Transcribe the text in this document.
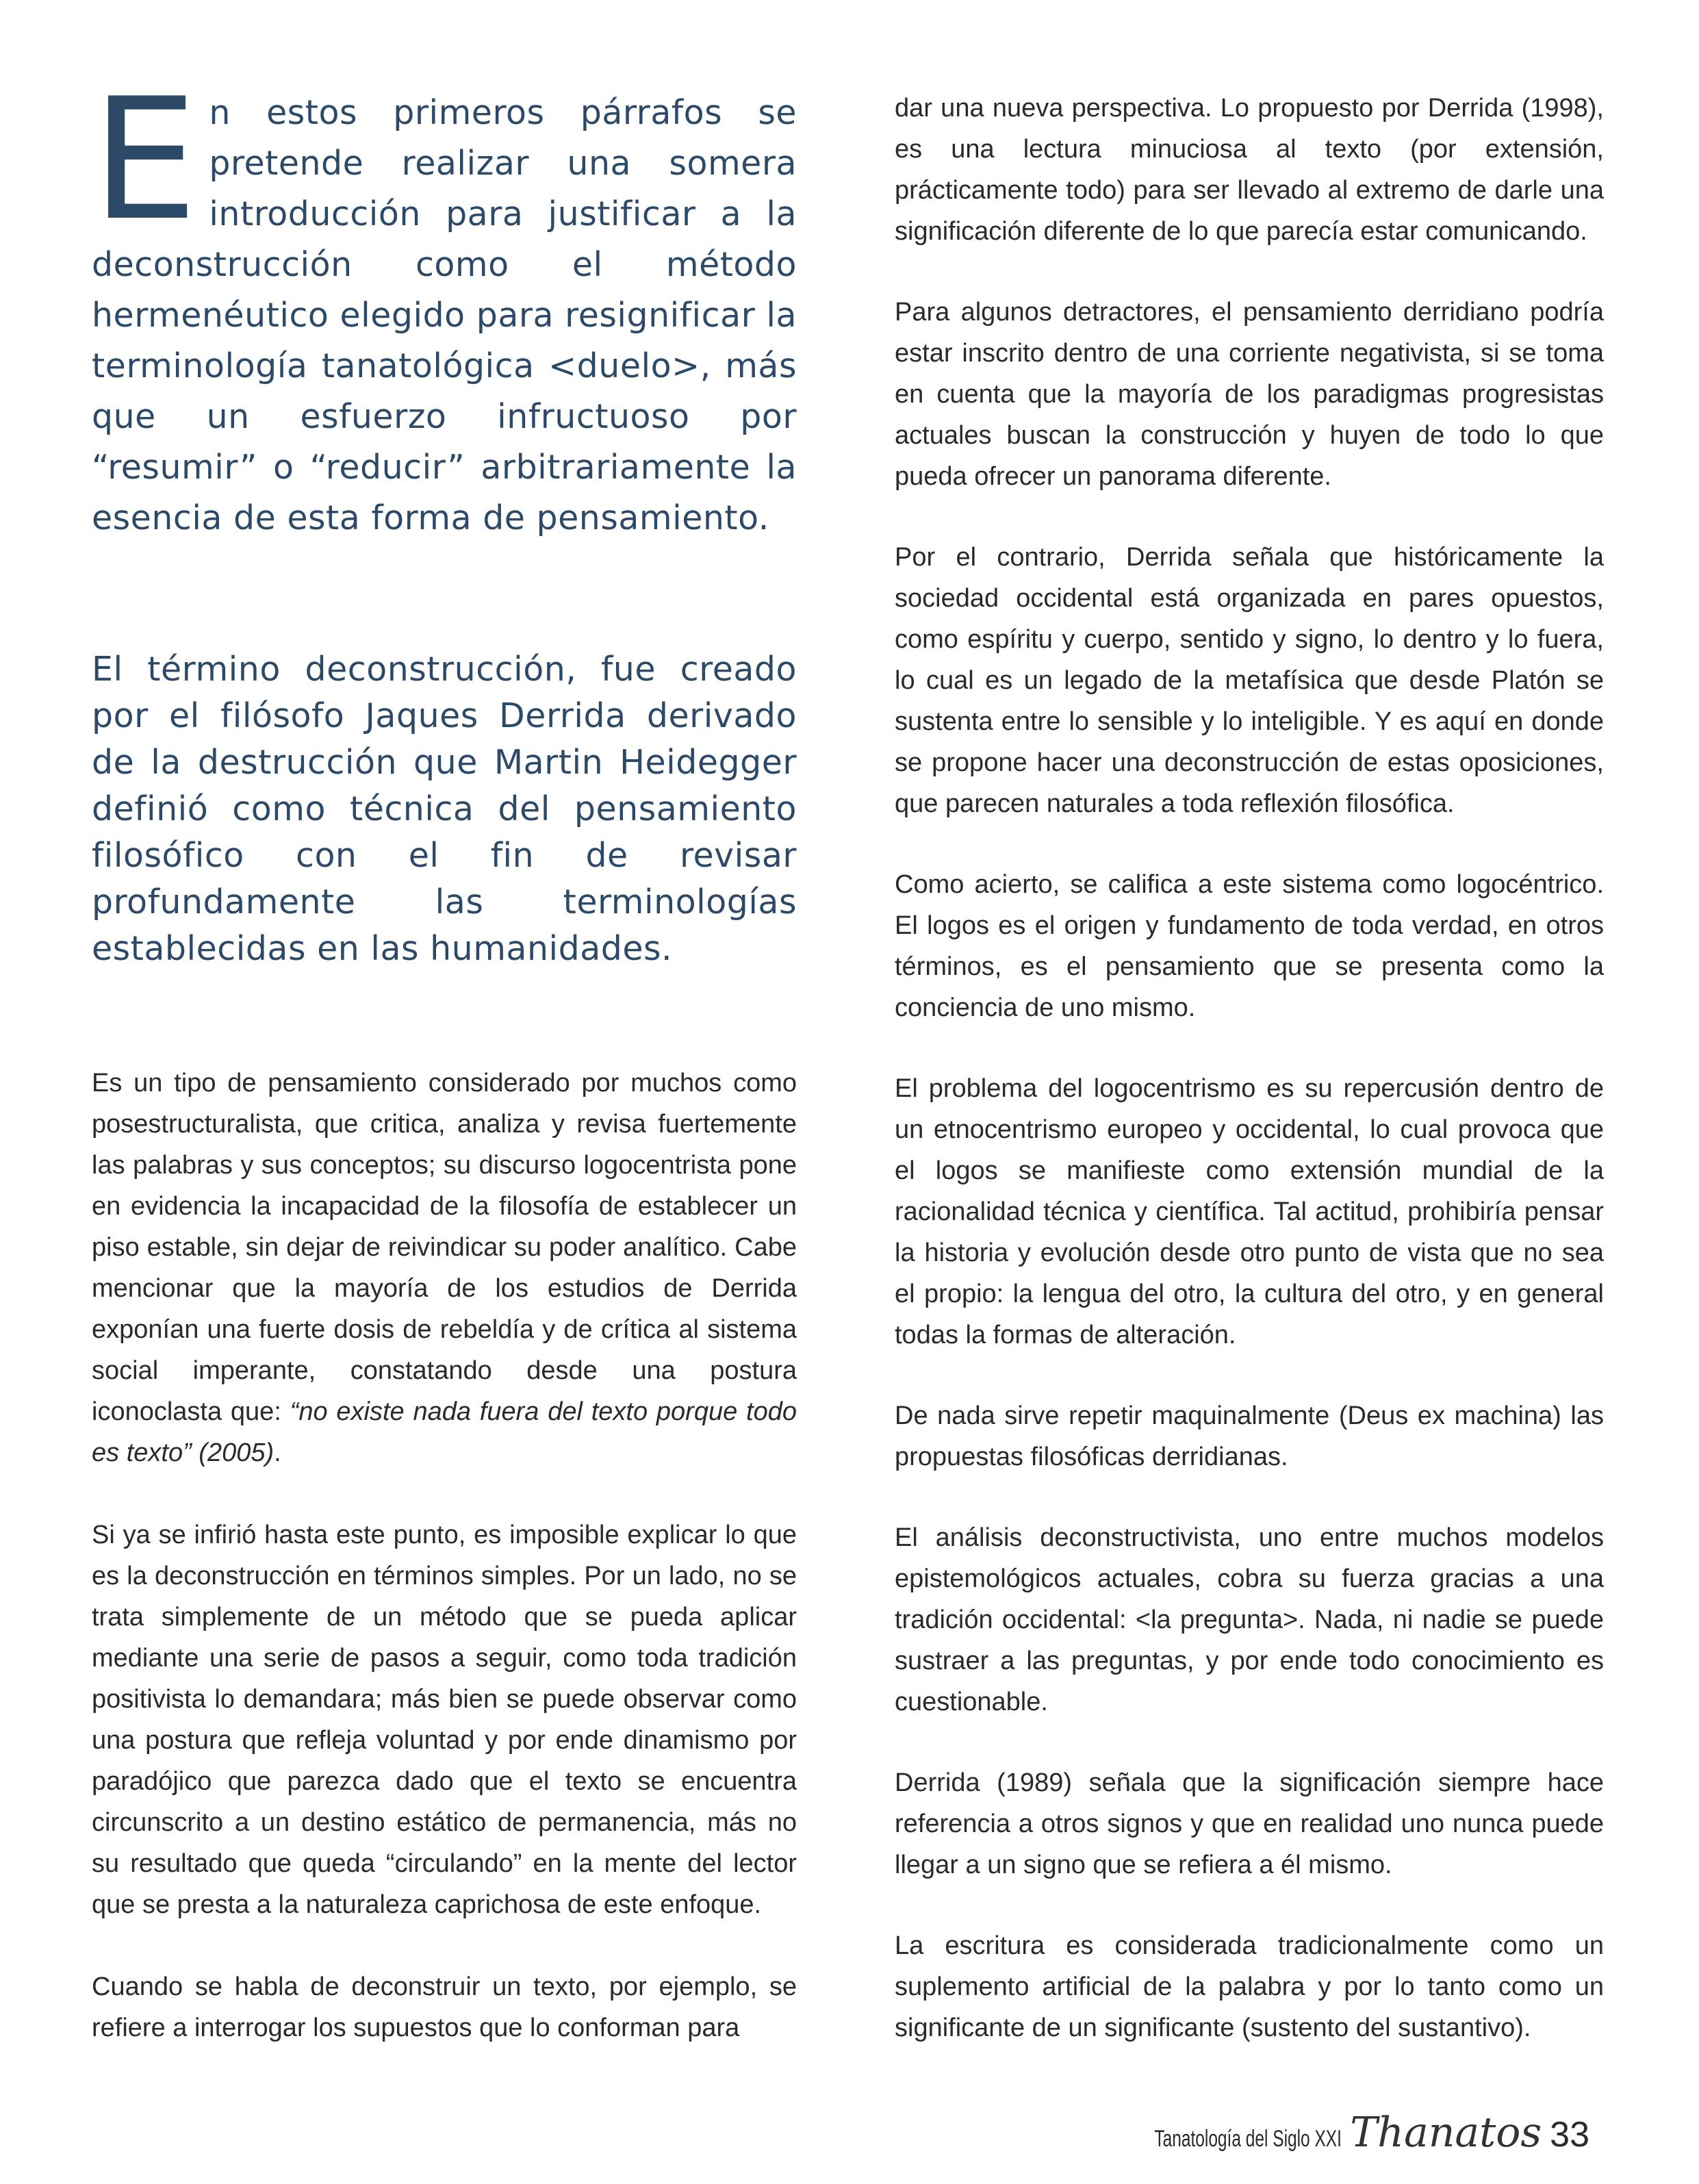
En estos primeros párrafos se pretende realizar una somera introducción para justificar a la deconstrucción como el método hermenéutico elegido para resignificar la terminología tanatológica <duelo>, más que un esfuerzo infructuoso por “resumir” o “reducir” arbitrariamente la esencia de esta forma de pensamiento.

El término deconstrucción, fue creado por el filósofo Jaques Derrida derivado de la destrucción que Martin Heidegger definió como técnica del pensamiento filosófico con el fin de revisar profundamente las terminologías establecidas en las humanidades.

Es un tipo de pensamiento considerado por muchos como posestructuralista, que critica, analiza y revisa fuertemente las palabras y sus conceptos; su discurso logocentrista pone en evidencia la incapacidad de la filosofía de establecer un piso estable, sin dejar de reivindicar su poder analítico. Cabe mencionar que la mayoría de los estudios de Derrida exponían una fuerte dosis de rebeldía y de crítica al sistema social imperante, constatando desde una postura iconoclasta que: “no existe nada fuera del texto porque todo es texto” (2005).

Si ya se infirió hasta este punto, es imposible explicar lo que es la deconstrucción en términos simples. Por un lado, no se trata simplemente de un método que se pueda aplicar mediante una serie de pasos a seguir, como toda tradición positivista lo demandara; más bien se puede observar como una postura que refleja voluntad y por ende dinamismo por paradójico que parezca dado que el texto se encuentra circunscrito a un destino estático de permanencia, más no su resultado que queda “circulando” en la mente del lector que se presta a la naturaleza caprichosa de este enfoque.

Cuando se habla de deconstruir un texto, por ejemplo, se refiere a interrogar los supuestos que lo conforman para

dar una nueva perspectiva. Lo propuesto por Derrida (1998), es una lectura minuciosa al texto (por extensión, prácticamente todo) para ser llevado al extremo de darle una significación diferente de lo que parecía estar comunicando.

Para algunos detractores, el pensamiento derridiano podría estar inscrito dentro de una corriente negativista, si se toma en cuenta que la mayoría de los paradigmas progresistas actuales buscan la construcción y huyen de todo lo que pueda ofrecer un panorama diferente.

Por el contrario, Derrida señala que históricamente la sociedad occidental está organizada en pares opuestos, como espíritu y cuerpo, sentido y signo, lo dentro y lo fuera, lo cual es un legado de la metafísica que desde Platón se sustenta entre lo sensible y lo inteligible. Y es aquí en donde se propone hacer una deconstrucción de estas oposiciones, que parecen naturales a toda reflexión filosófica.

Como acierto, se califica a este sistema como logocéntrico. El logos es el origen y fundamento de toda verdad, en otros términos, es el pensamiento que se presenta como la conciencia de uno mismo.

El problema del logocentrismo es su repercusión dentro de un etnocentrismo europeo y occidental, lo cual provoca que el logos se manifieste como extensión mundial de la racionalidad técnica y científica. Tal actitud, prohibiría pensar la historia y evolución desde otro punto de vista que no sea el propio: la lengua del otro, la cultura del otro, y en general todas la formas de alteración.

De nada sirve repetir maquinalmente (Deus ex machina) las propuestas filosóficas derridianas.

El análisis deconstructivista, uno entre muchos modelos epistemológicos actuales, cobra su fuerza gracias a una tradición occidental: <la pregunta>. Nada, ni nadie se puede sustraer a las preguntas, y por ende todo conocimiento es cuestionable.

Derrida (1989) señala que la significación siempre hace referencia a otros signos y que en realidad uno nunca puede llegar a un signo que se refiera a él mismo.

La escritura es considerada tradicionalmente como un suplemento artificial de la palabra y por lo tanto como un significante de un significante (sustento del sustantivo).

Tanatología del Siglo XXI Thanatos 33
